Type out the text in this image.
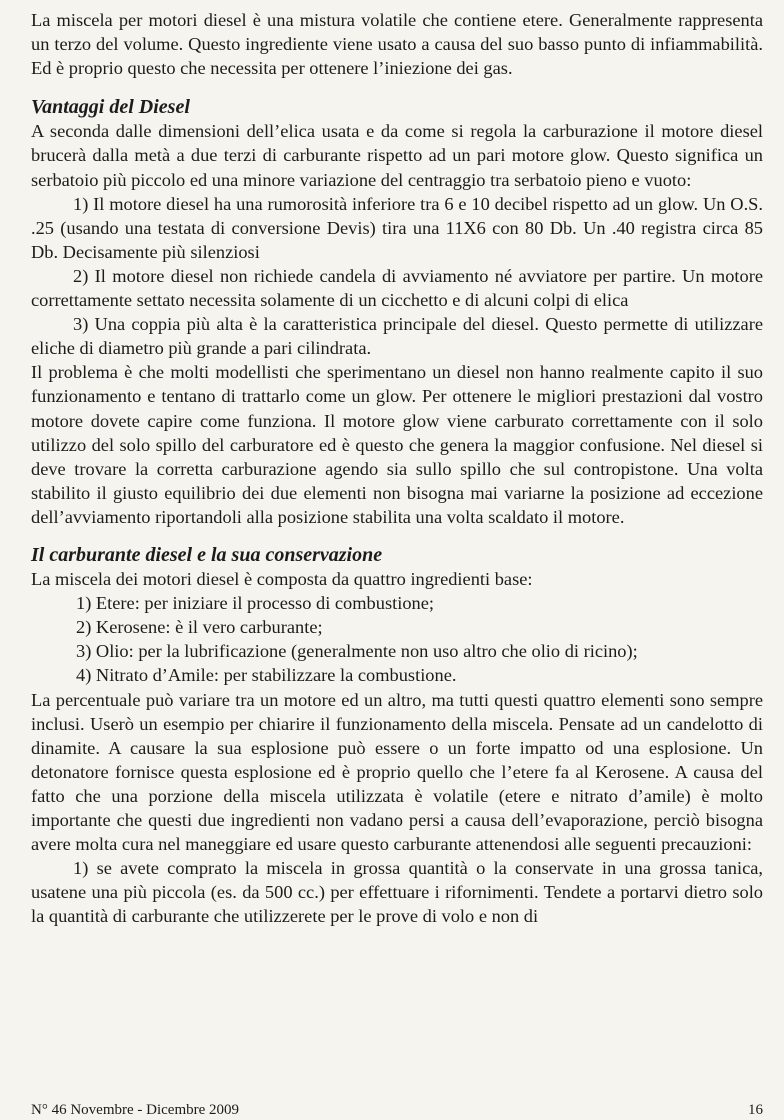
La miscela per motori diesel è una mistura volatile che contiene etere. Generalmente rappresenta un terzo del volume. Questo ingrediente viene usato a causa del suo basso punto di infiammabilità. Ed è proprio questo che necessita per ottenere l’iniezione dei gas.

Vantaggi del Diesel

A seconda dalle dimensioni dell’elica usata e da come si regola la carburazione il motore diesel brucerà dalla metà a due terzi di carburante rispetto ad un pari motore glow. Questo significa un serbatoio più piccolo ed una minore variazione del centraggio tra serbatoio pieno e vuoto:

1) Il motore diesel ha una rumorosità inferiore tra 6 e 10 decibel rispetto ad un glow. Un O.S. .25 (usando una testata di conversione Devis) tira una 11X6 con 80 Db. Un .40 registra circa 85 Db. Decisamente più silenziosi

2) Il motore diesel non richiede candela di avviamento né avviatore per partire. Un motore correttamente settato necessita solamente di un cicchetto e di alcuni colpi di elica

3) Una coppia più alta è la caratteristica principale del diesel. Questo permette di utilizzare eliche di diametro più grande a pari cilindrata.

Il problema è che molti modellisti che sperimentano un diesel non hanno realmente capito il suo funzionamento e tentano di trattarlo come un glow. Per ottenere le migliori prestazioni dal vostro motore dovete capire come funziona. Il motore glow viene carburato correttamente con il solo utilizzo del solo spillo del carburatore ed è questo che genera la maggior confusione. Nel diesel si deve trovare la corretta carburazione agendo sia sullo spillo che sul contropistone. Una volta stabilito il giusto equilibrio dei due elementi non bisogna mai variarne la posizione ad eccezione dell’avviamento riportandoli alla posizione stabilita una volta scaldato il motore.

Il carburante diesel e la sua conservazione

La miscela dei motori diesel è composta da quattro ingredienti base:

1) Etere: per iniziare il processo di combustione;

2) Kerosene: è il vero carburante;

3) Olio: per la lubrificazione (generalmente non uso altro che olio di ricino);

4) Nitrato d’Amile: per stabilizzare la combustione.

La percentuale può variare tra un motore ed un altro, ma tutti questi quattro elementi sono sempre inclusi. Userò un esempio per chiarire il funzionamento della miscela. Pensate ad un candelotto di dinamite. A causare la sua esplosione può essere o un forte impatto od una esplosione. Un detonatore fornisce questa esplosione ed è proprio quello che l’etere fa al Kerosene. A causa del fatto che una porzione della miscela utilizzata è volatile (etere e nitrato d’amile) è molto importante che questi due ingredienti non vadano persi a causa dell’evaporazione, perciò bisogna avere molta cura nel maneggiare ed usare questo carburante attenendosi alle seguenti precauzioni:

1) se avete comprato la miscela in grossa quantità o la conservate in una grossa tanica, usatene una più piccola (es. da 500 cc.) per effettuare i rifornimenti. Tendete a portarvi dietro solo la quantità di carburante che utilizzerete per le prove di volo e non di

N° 46 Novembre - Dicembre 2009	16
